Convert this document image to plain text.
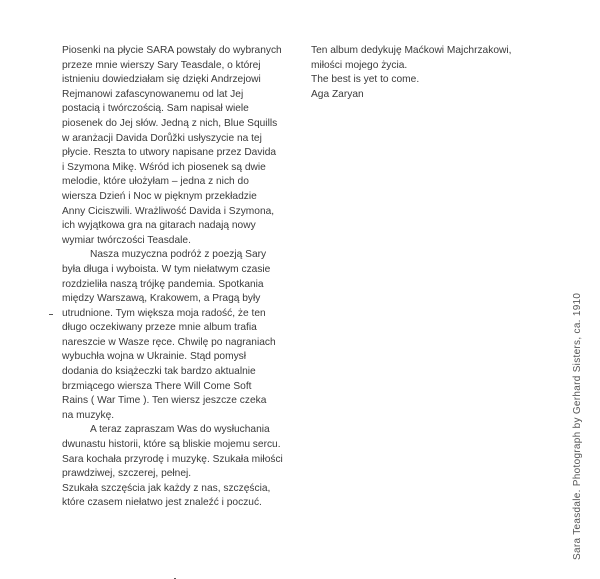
Piosenki na płycie SARA powstały do wybranych

przeze mnie wierszy Sary Teasdale, o której

istnieniu dowiedziałam się dzięki Andrzejowi

Rejmanowi zafascynowanemu od lat Jej

postacią i twórczością. Sam napisał wiele

piosenek do Jej słów. Jedną z nich, Blue Squills

w aranżacji Davida Dorůžki usłyszycie na tej

płycie. Reszta to utwory napisane przez Davida

i Szymona Mikę. Wśród ich piosenek są dwie

melodie, które ułożyłam – jedna z nich do

wiersza Dzień i Noc w pięknym przekładzie

Anny Ciciszwili. Wrażliwość Davida i Szymona,

ich wyjątkowa gra na gitarach nadają nowy

wymiar twórczości Teasdale.

Nasza muzyczna podróż z poezją Sary

była długa i wyboista. W tym niełatwym czasie

rozdzieliła naszą trójkę pandemia. Spotkania

między Warszawą, Krakowem, a Pragą były

utrudnione. Tym większa moja radość, że ten

długo oczekiwany przeze mnie album trafia

nareszcie w Wasze ręce. Chwilę po nagraniach

wybuchła wojna w Ukrainie. Stąd pomysł

dodania do książeczki tak bardzo aktualnie

brzmiącego wiersza There Will Come Soft

Rains ( War Time ). Ten wiersz jeszcze czeka

na muzykę.

A teraz zapraszam Was do wysłuchania

dwunastu historii, które są bliskie mojemu sercu.

Sara kochała przyrodę i muzykę. Szukała miłości

prawdziwej, szczerej, pełnej.

Szukała szczęścia jak każdy z nas, szczęścia,

które czasem niełatwo jest znaleźć i poczuć.

Ten album dedykuję Maćkowi Majchrzakowi,

miłości mojego życia.

The best is yet to come.

Aga Zaryan

Sara Teasdale. Photograph by Gerhard Sisters, ca. 1910
